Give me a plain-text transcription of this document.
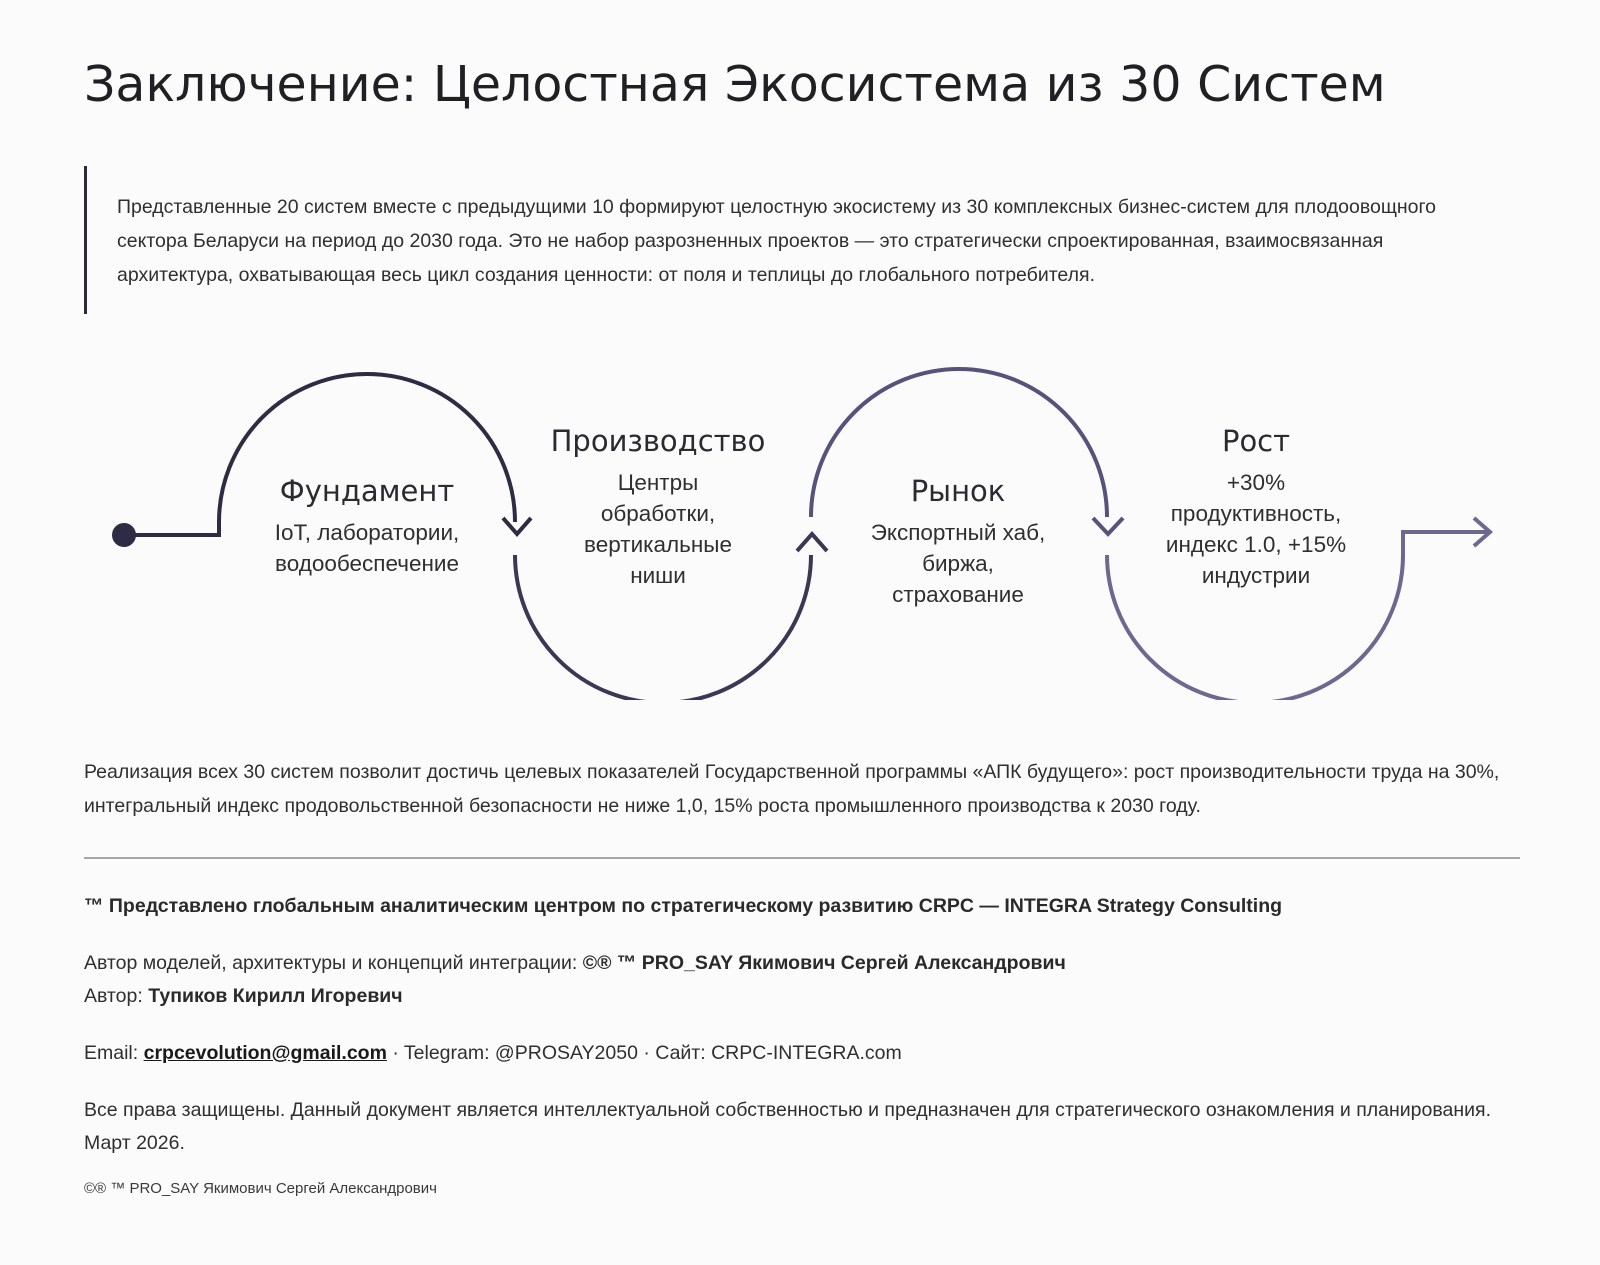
Заключение: Целостная Экосистема из 30 Систем
Представленные 20 систем вместе с предыдущими 10 формируют целостную экосистему из 30 комплексных бизнес-систем для плодоовощного сектора Беларуси на период до 2030 года. Это не набор разрозненных проектов — это стратегически спроектированная, взаимосвязанная архитектура, охватывающая весь цикл создания ценности: от поля и теплицы до глобального потребителя.
Фундамент
IoT, лаборатории,
водообеспечение
Производство
Центры
обработки,
вертикальные
ниши
Рынок
Экспортный хаб,
биржа,
страхование
Рост
+30%
продуктивность,
индекс 1.0, +15%
индустрии
Реализация всех 30 систем позволит достичь целевых показателей Государственной программы «АПК будущего»: рост производительности труда на 30%, интегральный индекс продовольственной безопасности не ниже 1,0, 15% роста промышленного производства к 2030 году.
™ Представлено глобальным аналитическим центром по стратегическому развитию CRPC — INTEGRA Strategy Consulting
Автор моделей, архитектуры и концепций интеграции: ©® ™ PRO_SAY Якимович Сергей Александрович
Автор: Тупиков Кирилл Игоревич
Email: crpcevolution@gmail.com · Telegram: @PROSAY2050 · Сайт: CRPC-INTEGRA.com
Все права защищены. Данный документ является интеллектуальной собственностью и предназначен для стратегического ознакомления и планирования. Март 2026.
©® ™ PRO_SAY Якимович Сергей Александрович
